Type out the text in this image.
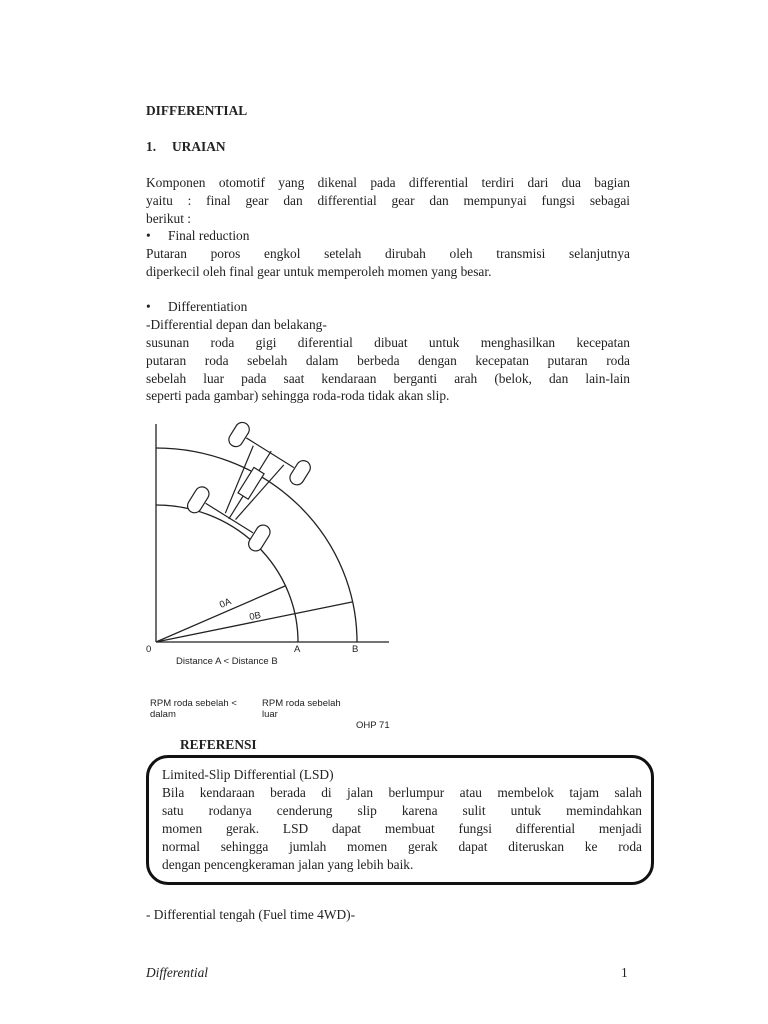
DIFFERENTIAL
1. URAIAN
Komponen otomotif yang dikenal pada differential terdiri dari dua bagian
yaitu : final gear dan differential gear dan mempunyai fungsi sebagai
berikut :
• Final reduction
Putaran poros engkol setelah dirubah oleh transmisi selanjutnya
diperkecil oleh final gear untuk memperoleh momen yang besar.
• Differentiation
-Differential depan dan belakang-
susunan roda gigi diferential dibuat untuk menghasilkan kecepatan
putaran roda sebelah dalam berbeda dengan kecepatan putaran roda
sebelah luar pada saat kendaraan berganti arah (belok, dan lain-lain
seperti pada gambar) sehingga roda-roda tidak akan slip.
0	A	B
0A
0B
Distance A < Distance B
RPM roda sebelah <
dalam
RPM roda sebelah
luar
OHP 71
REFERENSI
Limited-Slip Differential (LSD)
Bila kendaraan berada di jalan berlumpur atau membelok tajam salah
satu rodanya cenderung slip karena sulit untuk memindahkan
momen gerak. LSD dapat membuat fungsi differential menjadi
normal sehingga jumlah momen gerak dapat diteruskan ke roda
dengan pencengkeraman jalan yang lebih baik.
- Differential tengah (Fuel time 4WD)-
Differential	1
